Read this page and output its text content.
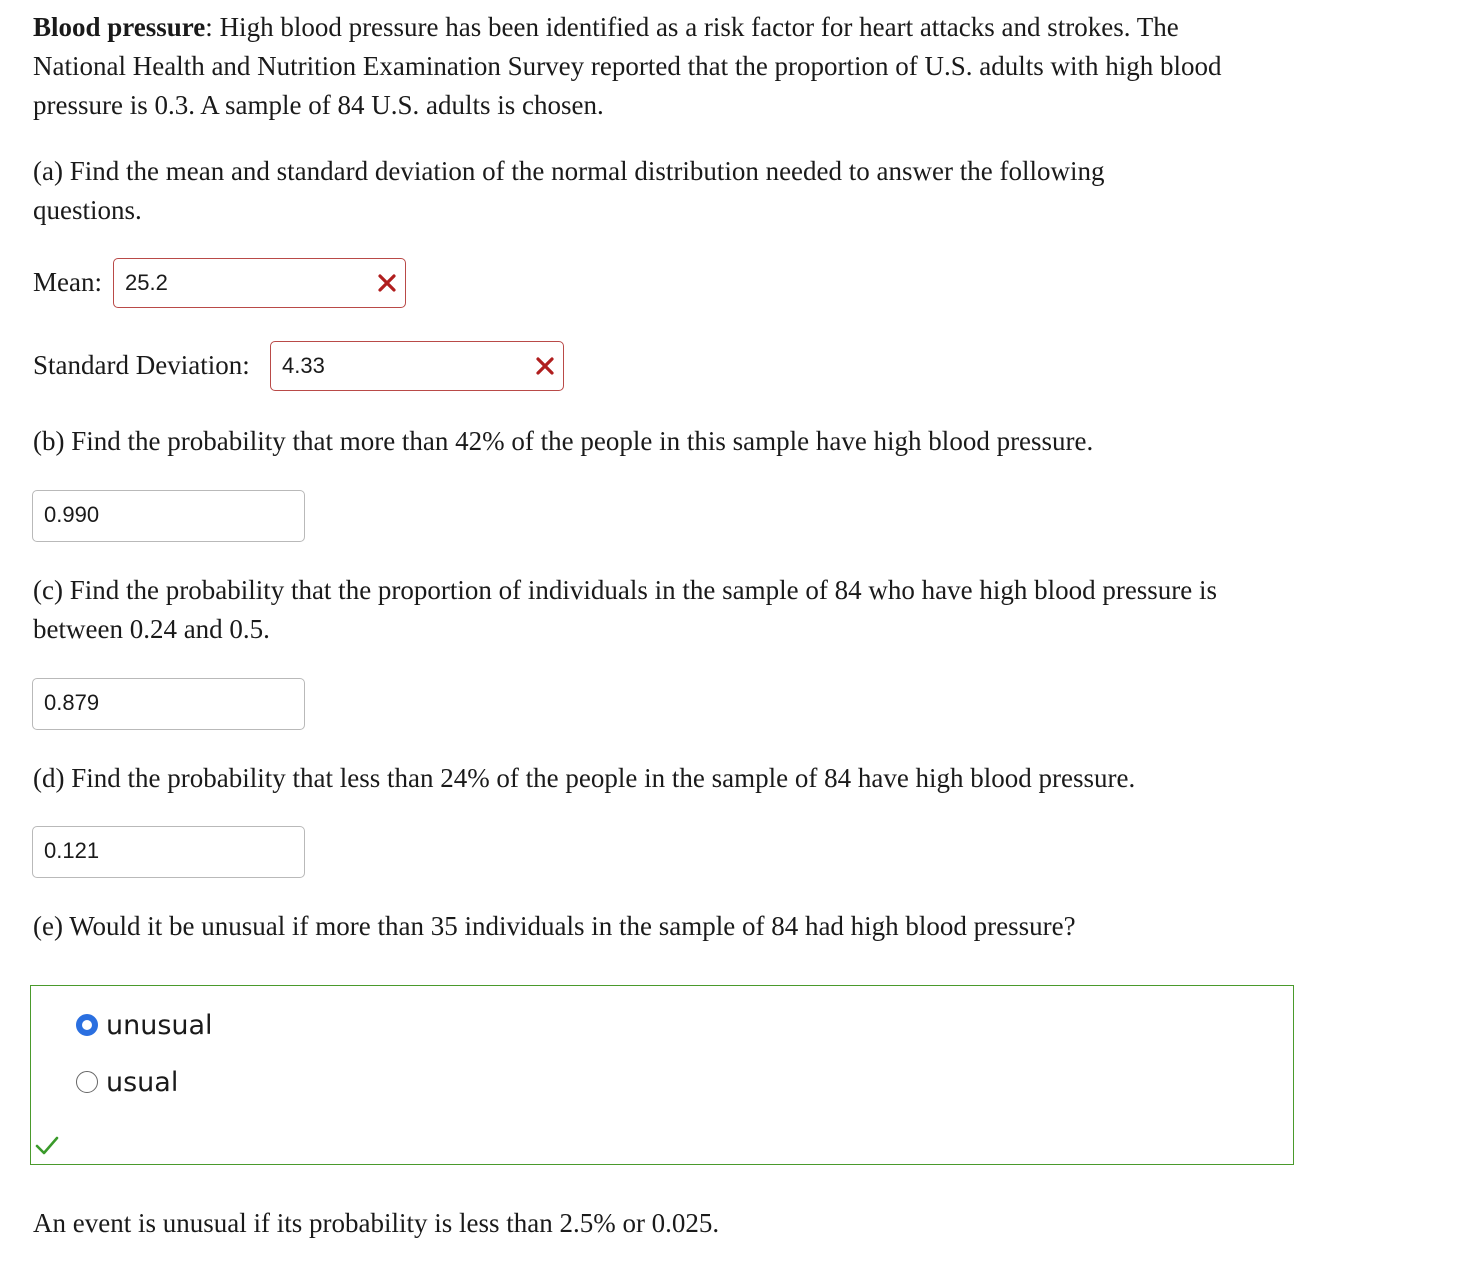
Blood pressure: High blood pressure has been identified as a risk factor for heart attacks and strokes. The National Health and Nutrition Examination Survey reported that the proportion of U.S. adults with high blood pressure is 0.3. A sample of 84 U.S. adults is chosen.

(a) Find the mean and standard deviation of the normal distribution needed to answer the following questions.

Mean:	25.2
Standard Deviation:	4.33

(b) Find the probability that more than 42% of the people in this sample have high blood pressure.

0.990

(c) Find the probability that the proportion of individuals in the sample of 84 who have high blood pressure is between 0.24 and 0.5.

0.879

(d) Find the probability that less than 24% of the people in the sample of 84 have high blood pressure.

0.121

(e) Would it be unusual if more than 35 individuals in the sample of 84 had high blood pressure?

unusual
usual

An event is unusual if its probability is less than 2.5% or 0.025.
